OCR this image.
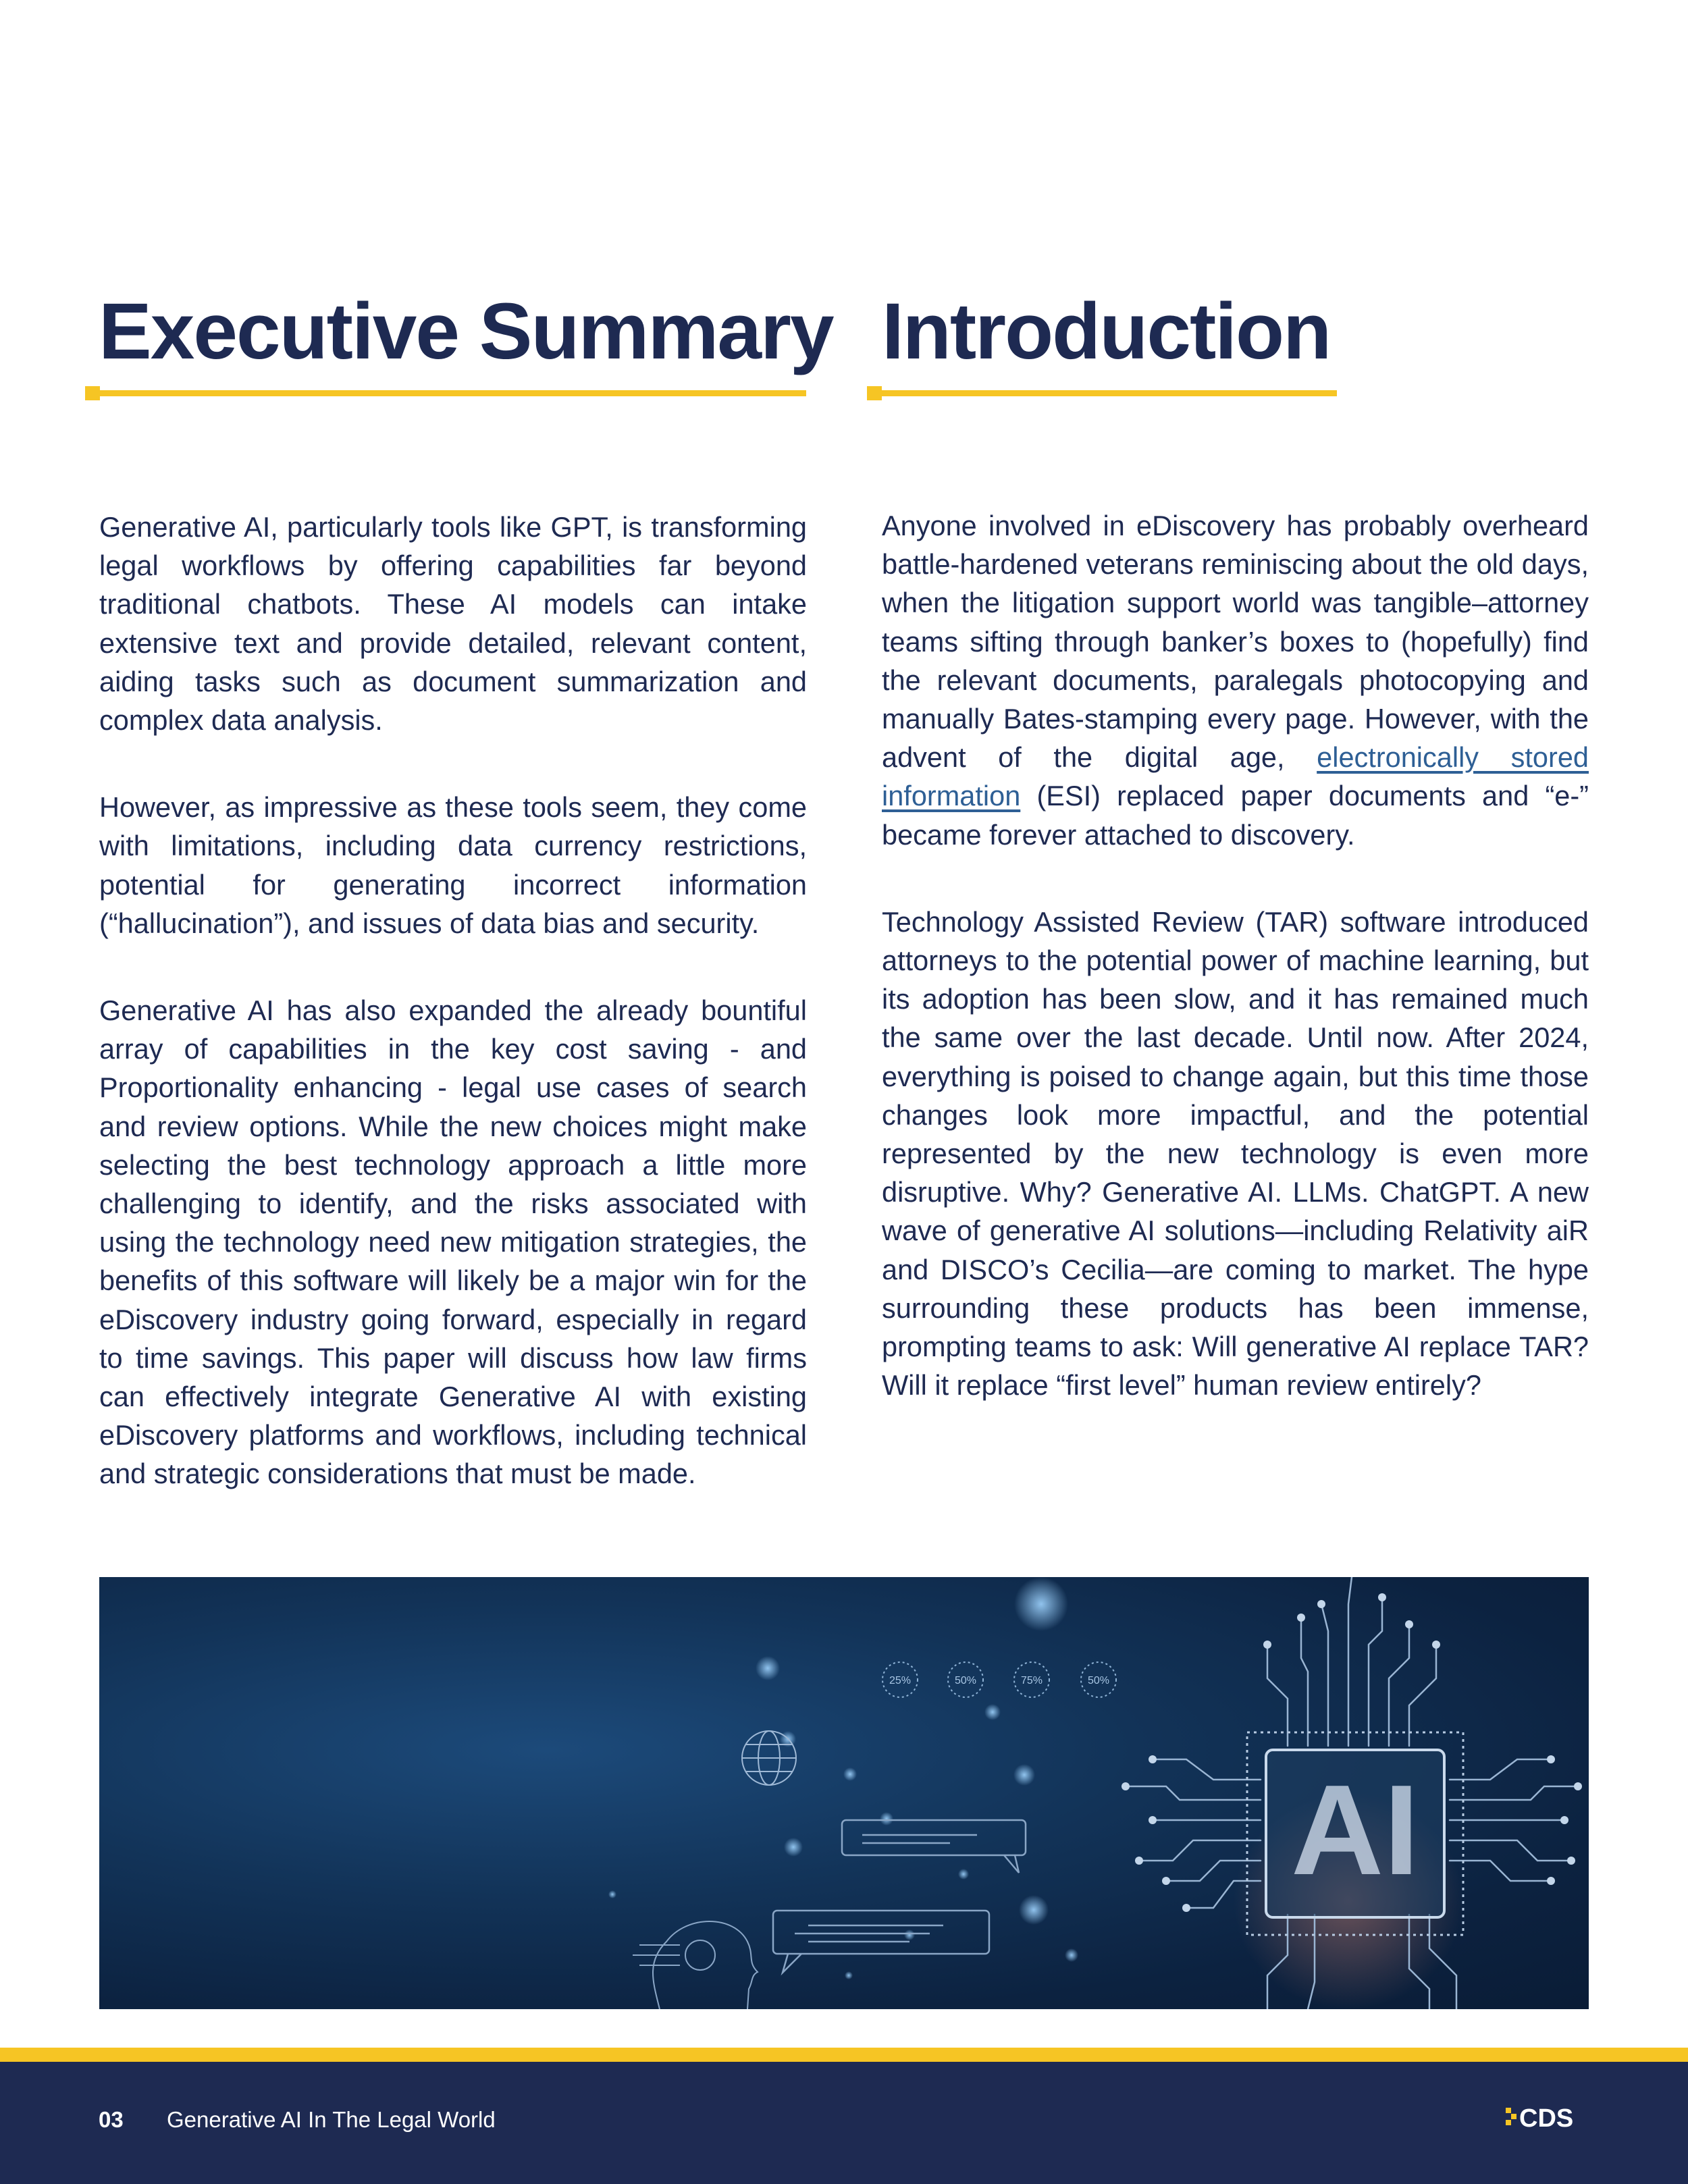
Executive Summary Introduction

Generative AI, particularly tools like GPT, is transforming legal workflows by offering capabilities far beyond traditional chatbots. These AI models can intake extensive text and provide detailed, relevant content, aiding tasks such as document summarization and complex data analysis.

However, as impressive as these tools seem, they come with limitations, including data currency restrictions, potential for generating incorrect information (“hallucination”), and issues of data bias and security.

Generative AI has also expanded the already bountiful array of capabilities in the key cost saving - and Proportionality enhancing - legal use cases of search and review options. While the new choices might make selecting the best technology approach a little more challenging to identify, and the risks associated with using the technology need new mitigation strategies, the benefits of this software will likely be a major win for the eDiscovery industry going forward, especially in regard to time savings. This paper will discuss how law firms can effectively integrate Generative AI with existing eDiscovery platforms and workflows, including technical and strategic considerations that must be made.

Anyone involved in eDiscovery has probably overheard battle-hardened veterans reminiscing about the old days, when the litigation support world was tangible–attorney teams sifting through banker’s boxes to (hopefully) find the relevant documents, paralegals photocopying and manually Bates-stamping every page. However, with the advent of the digital age, electronically stored information (ESI) replaced paper documents and “e-” became forever attached to discovery.

Technology Assisted Review (TAR) software introduced attorneys to the potential power of machine learning, but its adoption has been slow, and it has remained much the same over the last decade. Until now. After 2024, everything is poised to change again, but this time those changes look more impactful, and the potential represented by the new technology is even more disruptive. Why? Generative AI. LLMs. ChatGPT. A new wave of generative AI solutions—including Relativity aiR and DISCO’s Cecilia—are coming to market. The hype surrounding these products has been immense, prompting teams to ask: Will generative AI replace TAR? Will it replace “first level” human review entirely?

25%	50%	75%	50%
AI
03 Generative AI In The Legal World	CDS
